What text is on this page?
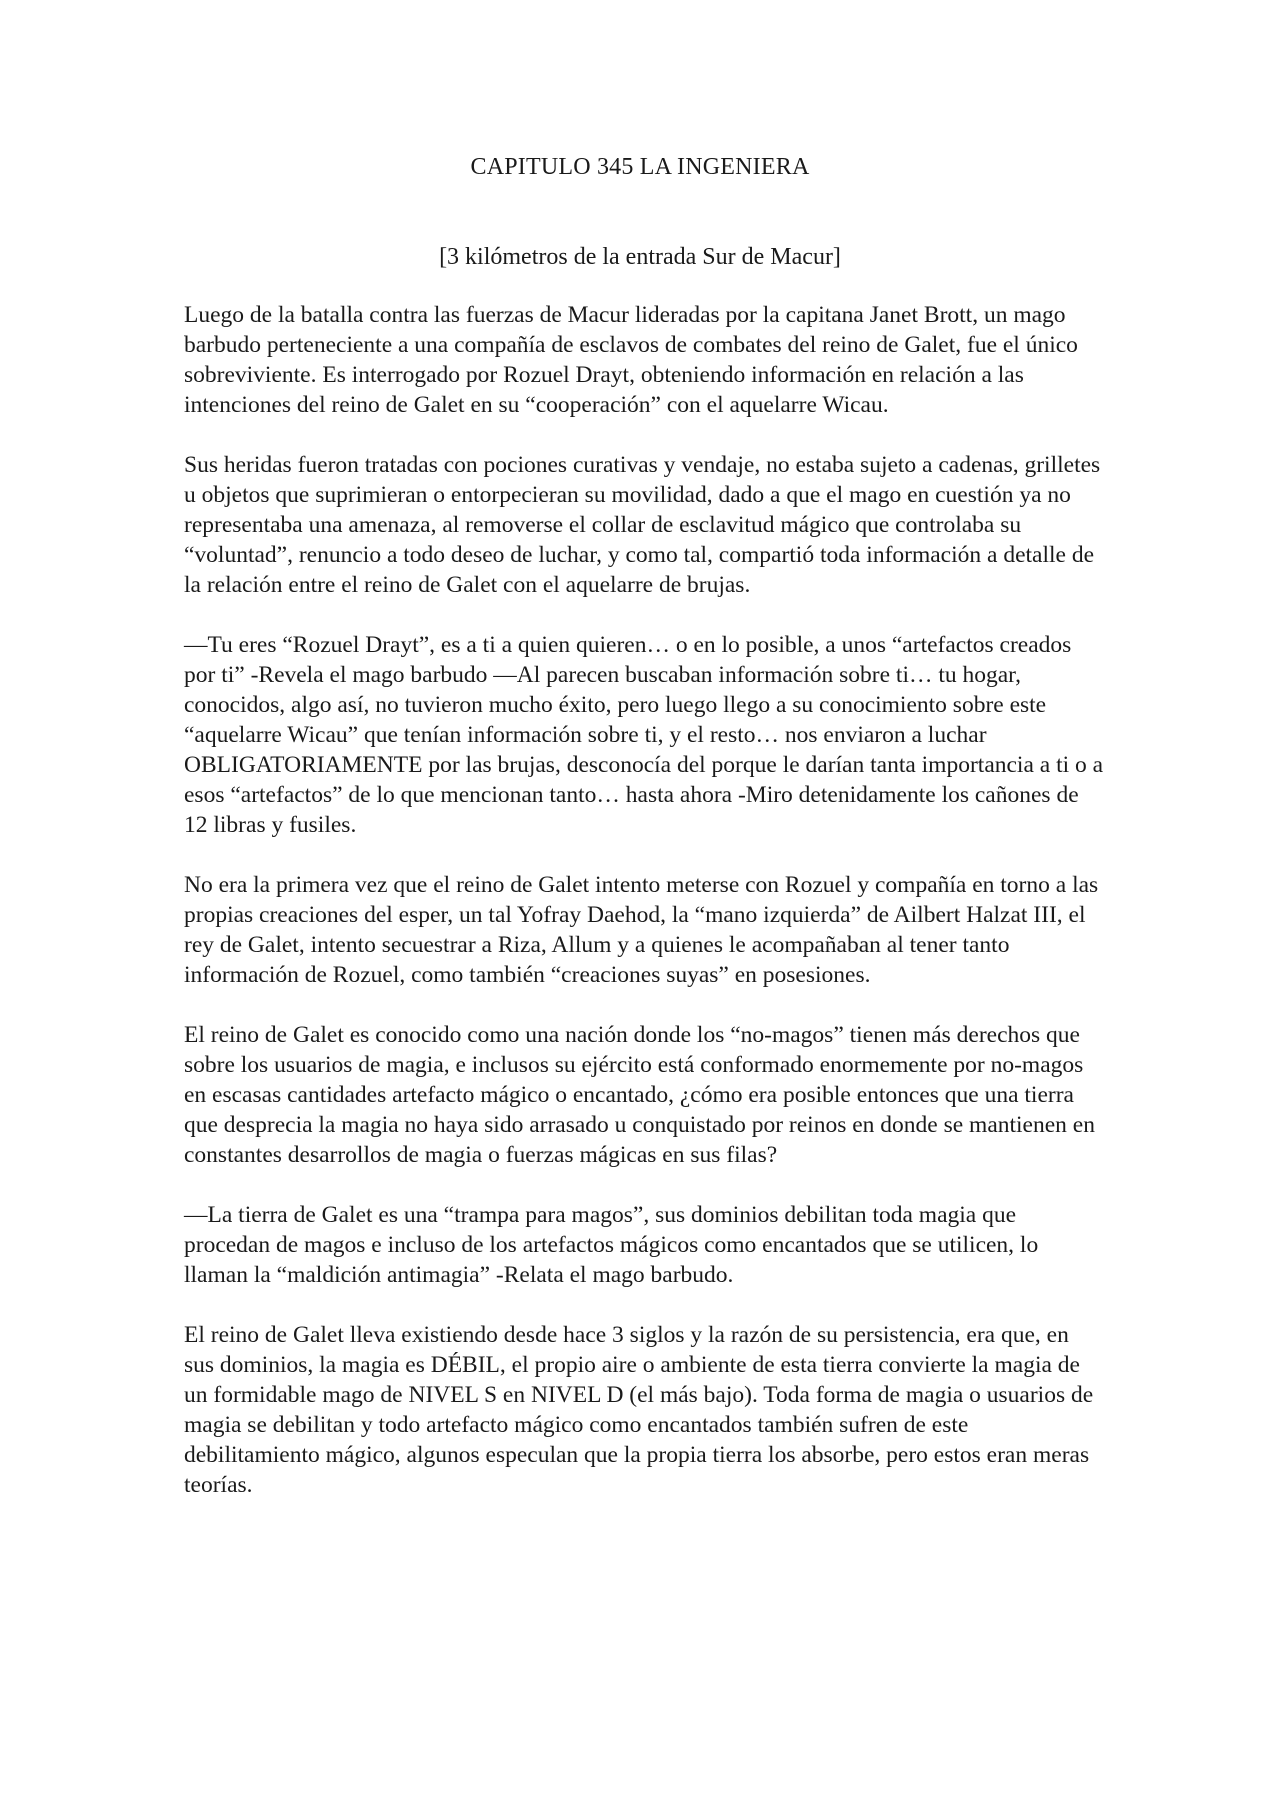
CAPITULO 345 LA INGENIERA
[3 kilómetros de la entrada Sur de Macur]

Luego de la batalla contra las fuerzas de Macur lideradas por la capitana Janet Brott, un mago barbudo perteneciente a una compañía de esclavos de combates del reino de Galet, fue el único sobreviviente. Es interrogado por Rozuel Drayt, obteniendo información en relación a las intenciones del reino de Galet en su “cooperación” con el aquelarre Wicau.

Sus heridas fueron tratadas con pociones curativas y vendaje, no estaba sujeto a cadenas, grilletes u objetos que suprimieran o entorpecieran su movilidad, dado a que el mago en cuestión ya no representaba una amenaza, al removerse el collar de esclavitud mágico que controlaba su “voluntad”, renuncio a todo deseo de luchar, y como tal, compartió toda información a detalle de la relación entre el reino de Galet con el aquelarre de brujas.

—Tu eres “Rozuel Drayt”, es a ti a quien quieren… o en lo posible, a unos “artefactos creados por ti” -Revela el mago barbudo —Al parecen buscaban información sobre ti… tu hogar, conocidos, algo así, no tuvieron mucho éxito, pero luego llego a su conocimiento sobre este “aquelarre Wicau” que tenían información sobre ti, y el resto… nos enviaron a luchar OBLIGATORIAMENTE por las brujas, desconocía del porque le darían tanta importancia a ti o a esos “artefactos” de lo que mencionan tanto… hasta ahora -Miro detenidamente los cañones de 12 libras y fusiles.

No era la primera vez que el reino de Galet intento meterse con Rozuel y compañía en torno a las propias creaciones del esper, un tal Yofray Daehod, la “mano izquierda” de Ailbert Halzat III, el rey de Galet, intento secuestrar a Riza, Allum y a quienes le acompañaban al tener tanto información de Rozuel, como también “creaciones suyas” en posesiones.

El reino de Galet es conocido como una nación donde los “no-magos” tienen más derechos que sobre los usuarios de magia, e inclusos su ejército está conformado enormemente por no-magos en escasas cantidades artefacto mágico o encantado, ¿cómo era posible entonces que una tierra que desprecia la magia no haya sido arrasado u conquistado por reinos en donde se mantienen en constantes desarrollos de magia o fuerzas mágicas en sus filas?

—La tierra de Galet es una “trampa para magos”, sus dominios debilitan toda magia que procedan de magos e incluso de los artefactos mágicos como encantados que se utilicen, lo llaman la “maldición antimagia” -Relata el mago barbudo.

El reino de Galet lleva existiendo desde hace 3 siglos y la razón de su persistencia, era que, en sus dominios, la magia es DÉBIL, el propio aire o ambiente de esta tierra convierte la magia de un formidable mago de NIVEL S en NIVEL D (el más bajo). Toda forma de magia o usuarios de magia se debilitan y todo artefacto mágico como encantados también sufren de este debilitamiento mágico, algunos especulan que la propia tierra los absorbe, pero estos eran meras teorías.
